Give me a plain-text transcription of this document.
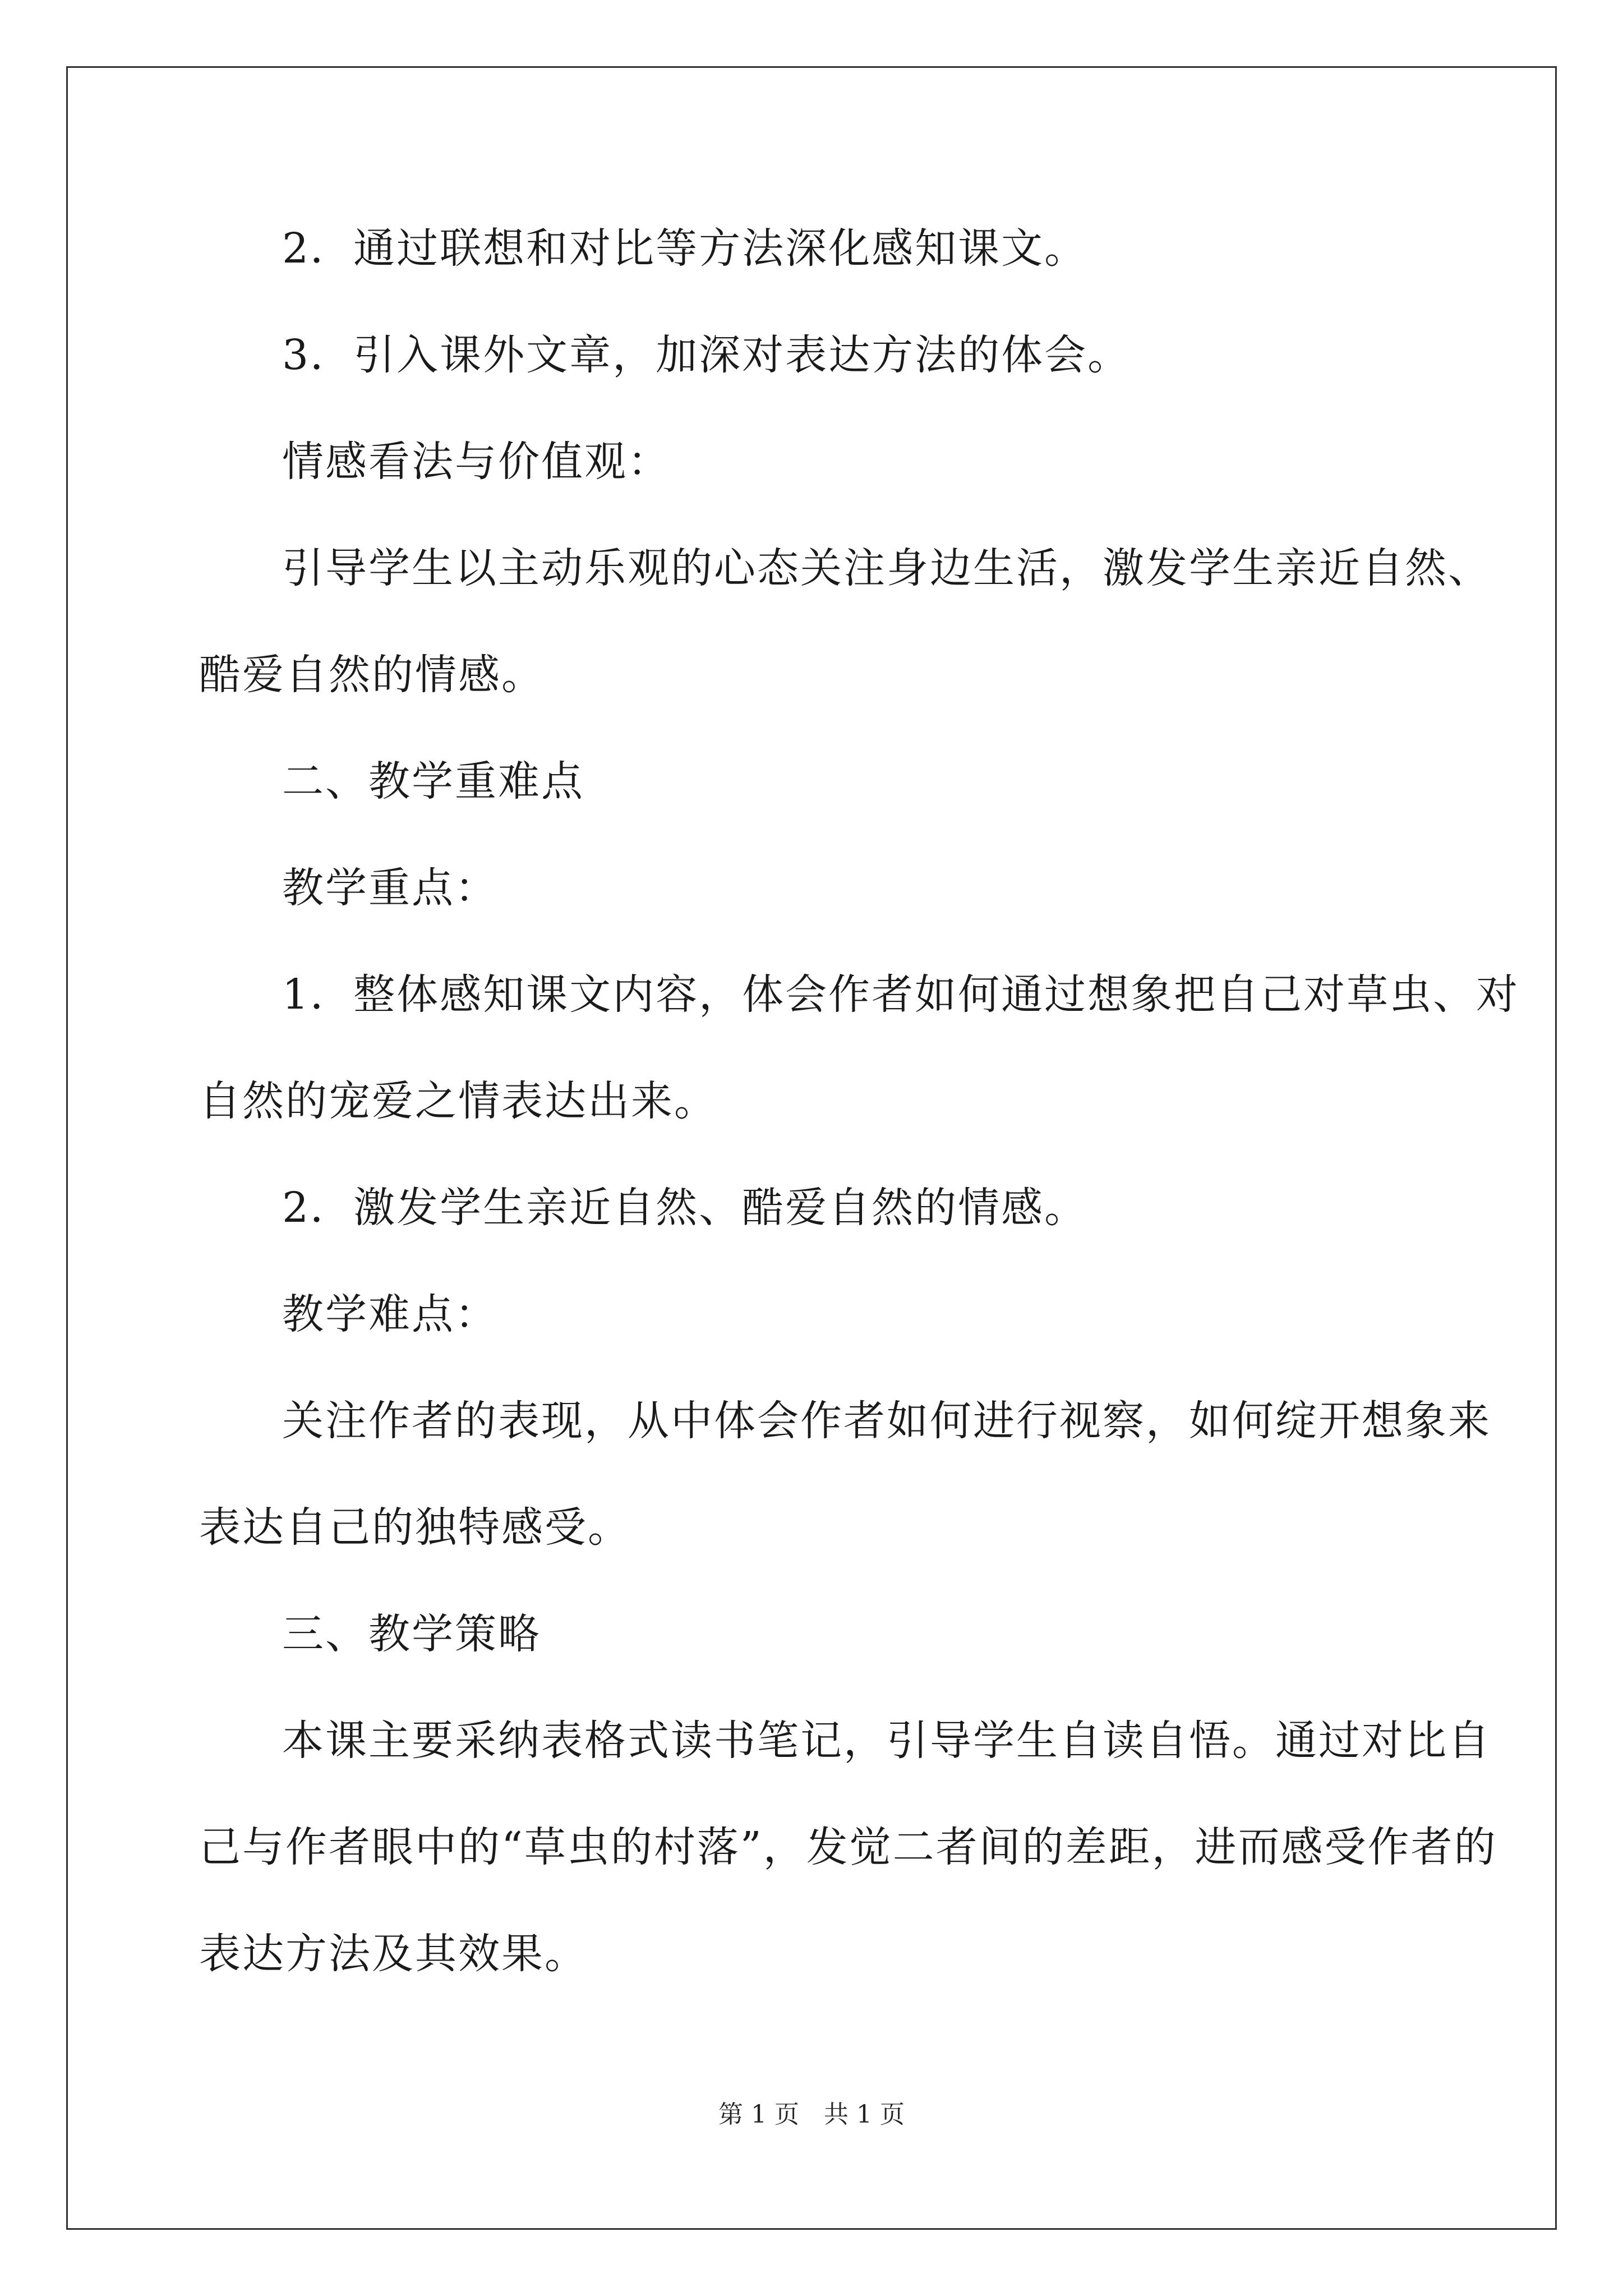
2．通过联想和对比等方法深化感知课文。
3．引入课外文章，加深对表达方法的体会。
情感看法与价值观：
引导学生以主动乐观的心态关注身边生活，激发学生亲近自然、
酷爱自然的情感。
二、教学重难点
教学重点：
1．整体感知课文内容，体会作者如何通过想象把自己对草虫、对
自然的宠爱之情表达出来。
2．激发学生亲近自然、酷爱自然的情感。
教学难点：
关注作者的表现，从中体会作者如何进行视察，如何绽开想象来
表达自己的独特感受。
三、教学策略
本课主要采纳表格式读书笔记，引导学生自读自悟。通过对比自
己与作者眼中的“草虫的村落”，发觉二者间的差距，进而感受作者的
表达方法及其效果。
第 1 页　共 1 页
